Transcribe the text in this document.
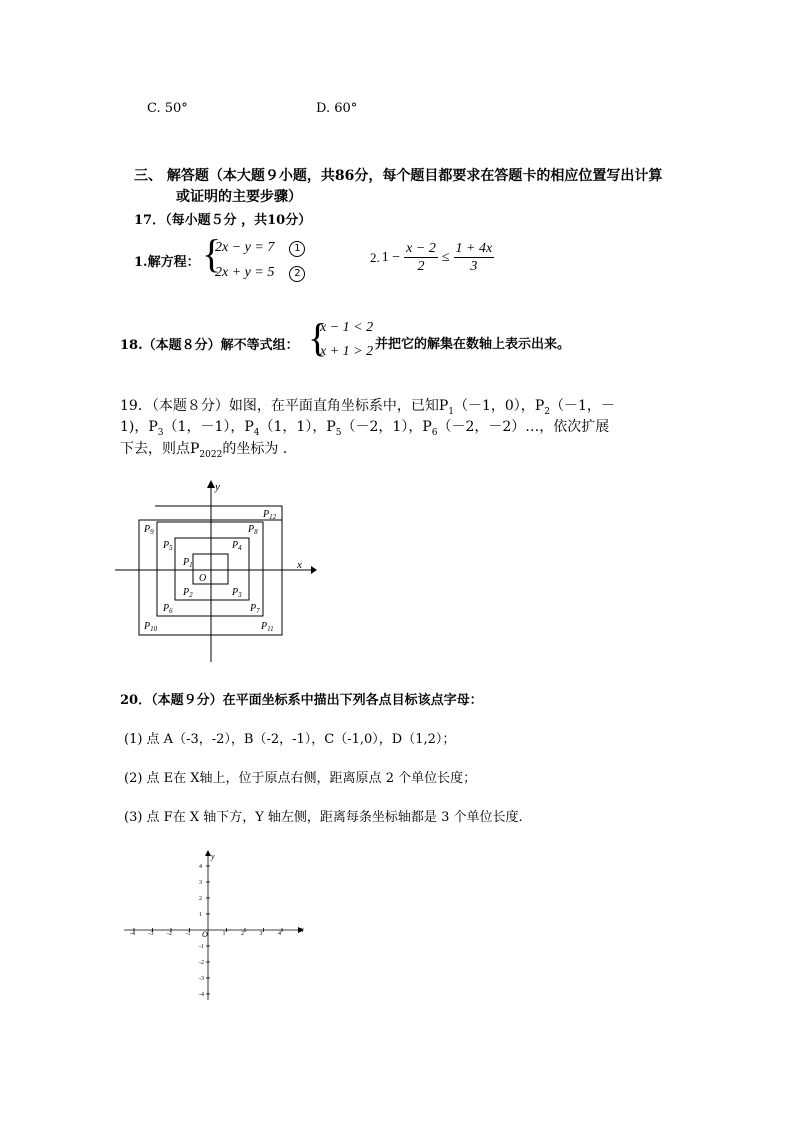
C. 50°	D. 60°
三、 解答题（本大题９小题，共86分，每个题目都要求在答题卡的相应位置写出计算
或证明的主要步骤）
17．（每小题５分 ，共10分）
1.解方程： {
2x − y = 7 1
2x + y = 5 2
2. $1 - \frac{x - 2}{2} \le \frac{1 + 4x}{3}$
18.（本题８分）解不等式组： {
x − 1 < 2
x + 1 > 2 并把它的解集在数轴上表示出来。
19．（本题８分）如图，在平面直角坐标系中，已知$P_1(-1$，0），$P_2(-1$，－
1)，$P_3(1$，－1），$P_4(1$，1），$P_5(-2$，1），$P_6(-2$，－2）…，依次扩展
下去，则点$P_{2022}$的坐标为 .
y
x
O
$P_1$
$P_2$	$P_3$
$P_4$
$P_5$
$P_6$	$P_7$
$P_8$
$P_9$
$P_{10}$	$P_{11}$
$P_{12}$
20．（本题９分）在平面坐标系中描出下列各点目标该点字母：
(1) 点 A（-3，-2），B（-2，-1），C（-1,0），D（1,2）；
(2) 点 E在 X轴上，位于原点右侧，距离原点 2 个单位长度；
(3) 点 F在 X 轴下方，Y 轴左侧，距离每条坐标轴都是 3 个单位长度.
-4 -3 -2 -1	1	2	3	4
4
3
2
1
-1
-2
-3
-4
x
y
O
